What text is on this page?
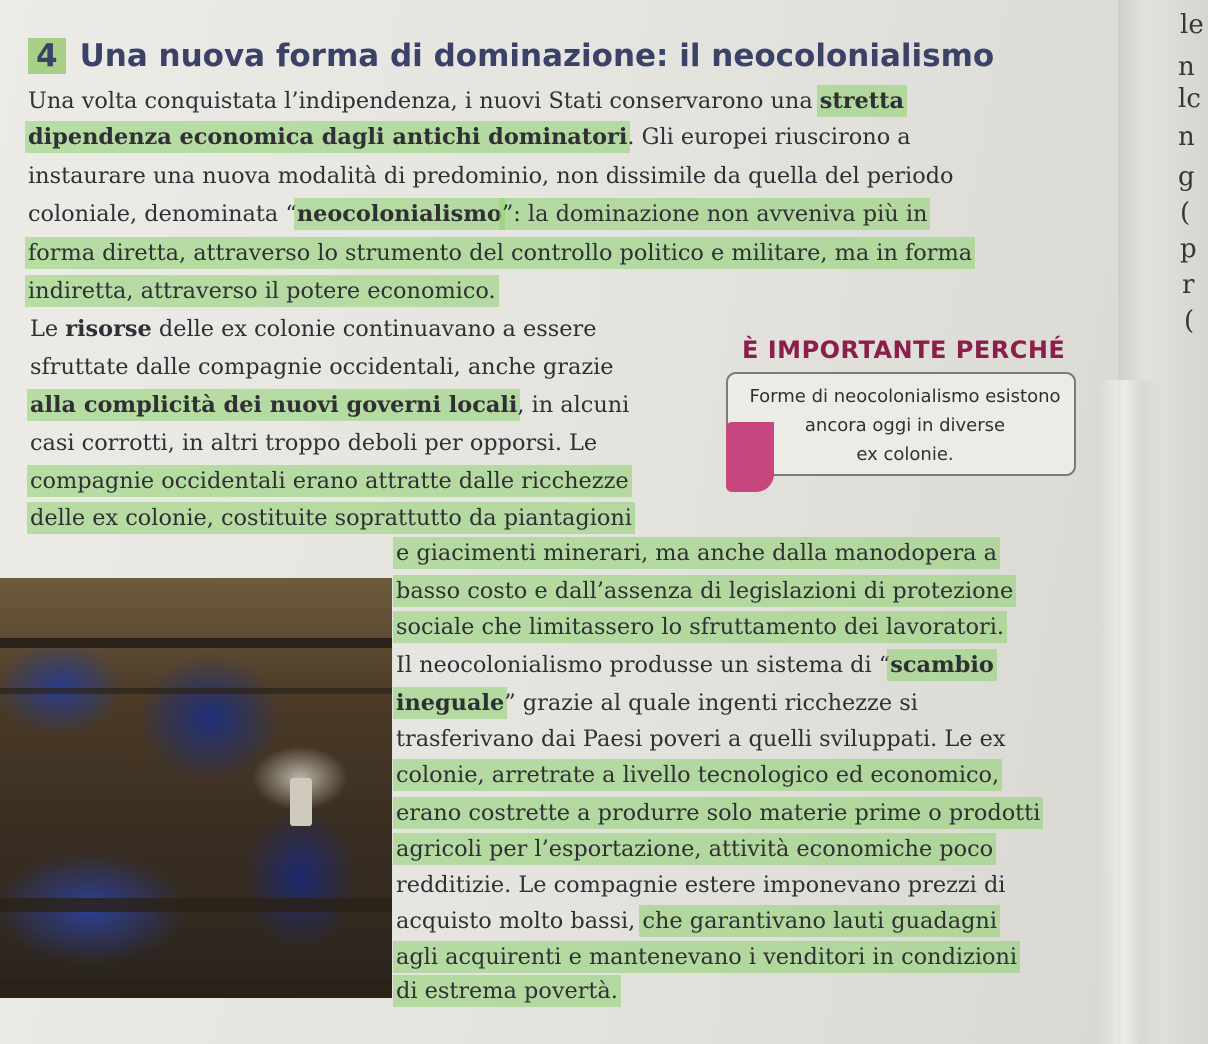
le
n
lc
n
g
(
p
r
(
4 Una nuova forma di dominazione: il neocolonialismo
Una volta conquistata l’indipendenza, i nuovi Stati conservarono una stretta
dipendenza economica dagli antichi dominatori. Gli europei riuscirono a
instaurare una nuova modalità di predominio, non dissimile da quella del periodo
coloniale, denominata “neocolonialismo”: la dominazione non avveniva più in
forma diretta, attraverso lo strumento del controllo politico e militare, ma in forma
indiretta, attraverso il potere economico.
È IMPORTANTE PERCHÉ
Forme di neocolonialismo esistono
ancora oggi in diverse
ex colonie.
Le risorse delle ex colonie continuavano a essere
sfruttate dalle compagnie occidentali, anche grazie
alla complicità dei nuovi governi locali, in alcuni
casi corrotti, in altri troppo deboli per opporsi. Le
compagnie occidentali erano attratte dalle ricchezze
delle ex colonie, costituite soprattutto da piantagioni
e giacimenti minerari, ma anche dalla manodopera a
basso costo e dall’assenza di legislazioni di protezione
sociale che limitassero lo sfruttamento dei lavoratori.
Il neocolonialismo produsse un sistema di “scambio
ineguale” grazie al quale ingenti ricchezze si
trasferivano dai Paesi poveri a quelli sviluppati. Le ex
colonie, arretrate a livello tecnologico ed economico,
erano costrette a produrre solo materie prime o prodotti
agricoli per l’esportazione, attività economiche poco
redditizie. Le compagnie estere imponevano prezzi di
acquisto molto bassi, che garantivano lauti guadagni
agli acquirenti e mantenevano i venditori in condizioni
di estrema povertà.
